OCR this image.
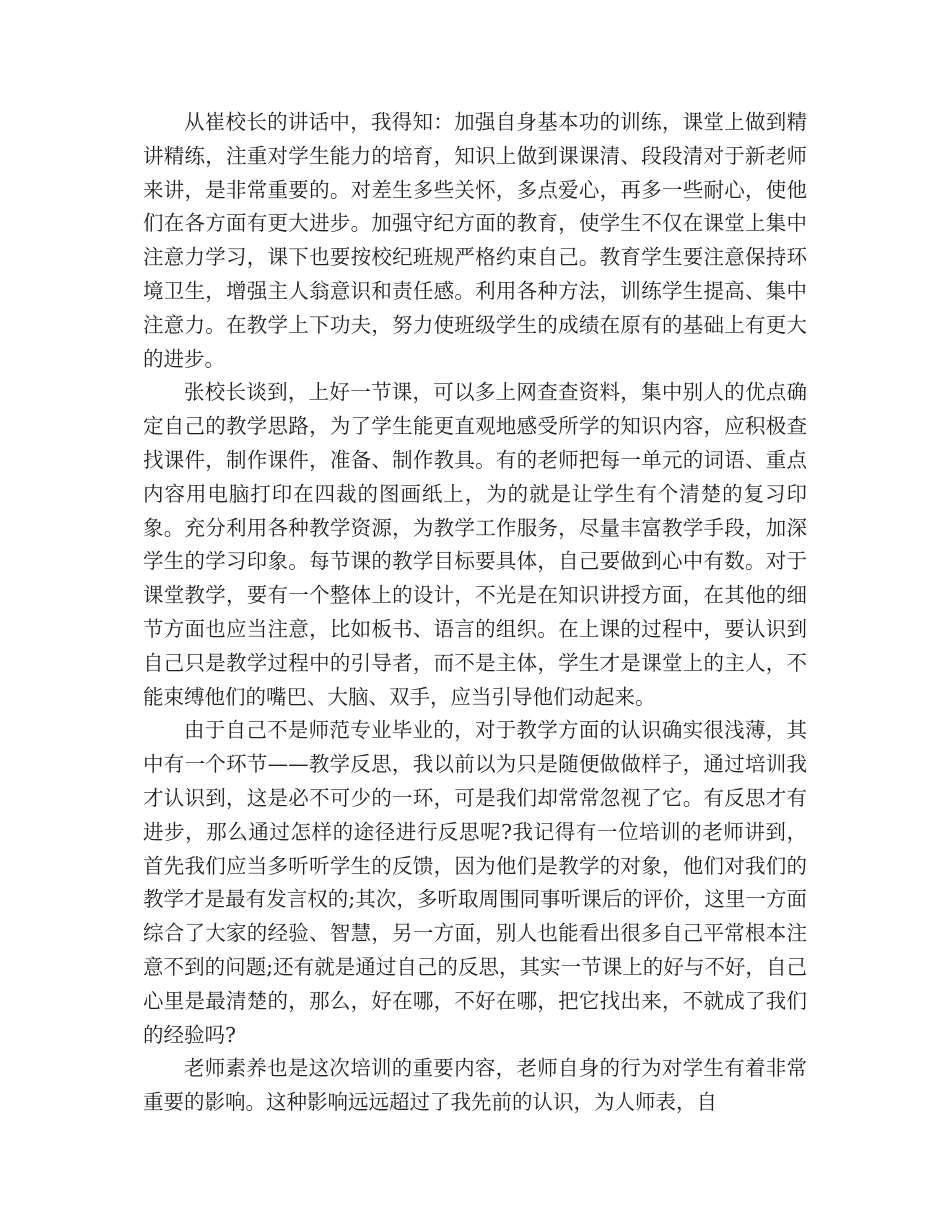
从崔校长的讲话中，我得知：加强自身基本功的训练，课堂上做到精讲精练，注重对学生能力的培育，知识上做到课课清、段段清对于新老师来讲，是非常重要的。对差生多些关怀，多点爱心，再多一些耐心，使他们在各方面有更大进步。加强守纪方面的教育，使学生不仅在课堂上集中注意力学习，课下也要按校纪班规严格约束自己。教育学生要注意保持环境卫生，增强主人翁意识和责任感。利用各种方法，训练学生提高、集中注意力。在教学上下功夫，努力使班级学生的成绩在原有的基础上有更大的进步。

张校长谈到，上好一节课，可以多上网查查资料，集中别人的优点确定自己的教学思路，为了学生能更直观地感受所学的知识内容，应积极查找课件，制作课件，准备、制作教具。有的老师把每一单元的词语、重点内容用电脑打印在四裁的图画纸上，为的就是让学生有个清楚的复习印象。充分利用各种教学资源，为教学工作服务，尽量丰富教学手段，加深学生的学习印象。每节课的教学目标要具体，自己要做到心中有数。对于课堂教学，要有一个整体上的设计，不光是在知识讲授方面，在其他的细节方面也应当注意，比如板书、语言的组织。在上课的过程中，要认识到自己只是教学过程中的引导者，而不是主体，学生才是课堂上的主人，不能束缚他们的嘴巴、大脑、双手，应当引导他们动起来。

由于自己不是师范专业毕业的，对于教学方面的认识确实很浅薄，其中有一个环节——教学反思，我以前以为只是随便做做样子，通过培训我才认识到，这是必不可少的一环，可是我们却常常忽视了它。有反思才有进步，那么通过怎样的途径进行反思呢?我记得有一位培训的老师讲到，首先我们应当多听听学生的反馈，因为他们是教学的对象，他们对我们的教学才是最有发言权的;其次，多听取周围同事听课后的评价，这里一方面综合了大家的经验、智慧，另一方面，别人也能看出很多自己平常根本注意不到的问题;还有就是通过自己的反思，其实一节课上的好与不好，自己心里是最清楚的，那么，好在哪，不好在哪，把它找出来，不就成了我们的经验吗?

老师素养也是这次培训的重要内容，老师自身的行为对学生有着非常重要的影响。这种影响远远超过了我先前的认识，为人师表，自
